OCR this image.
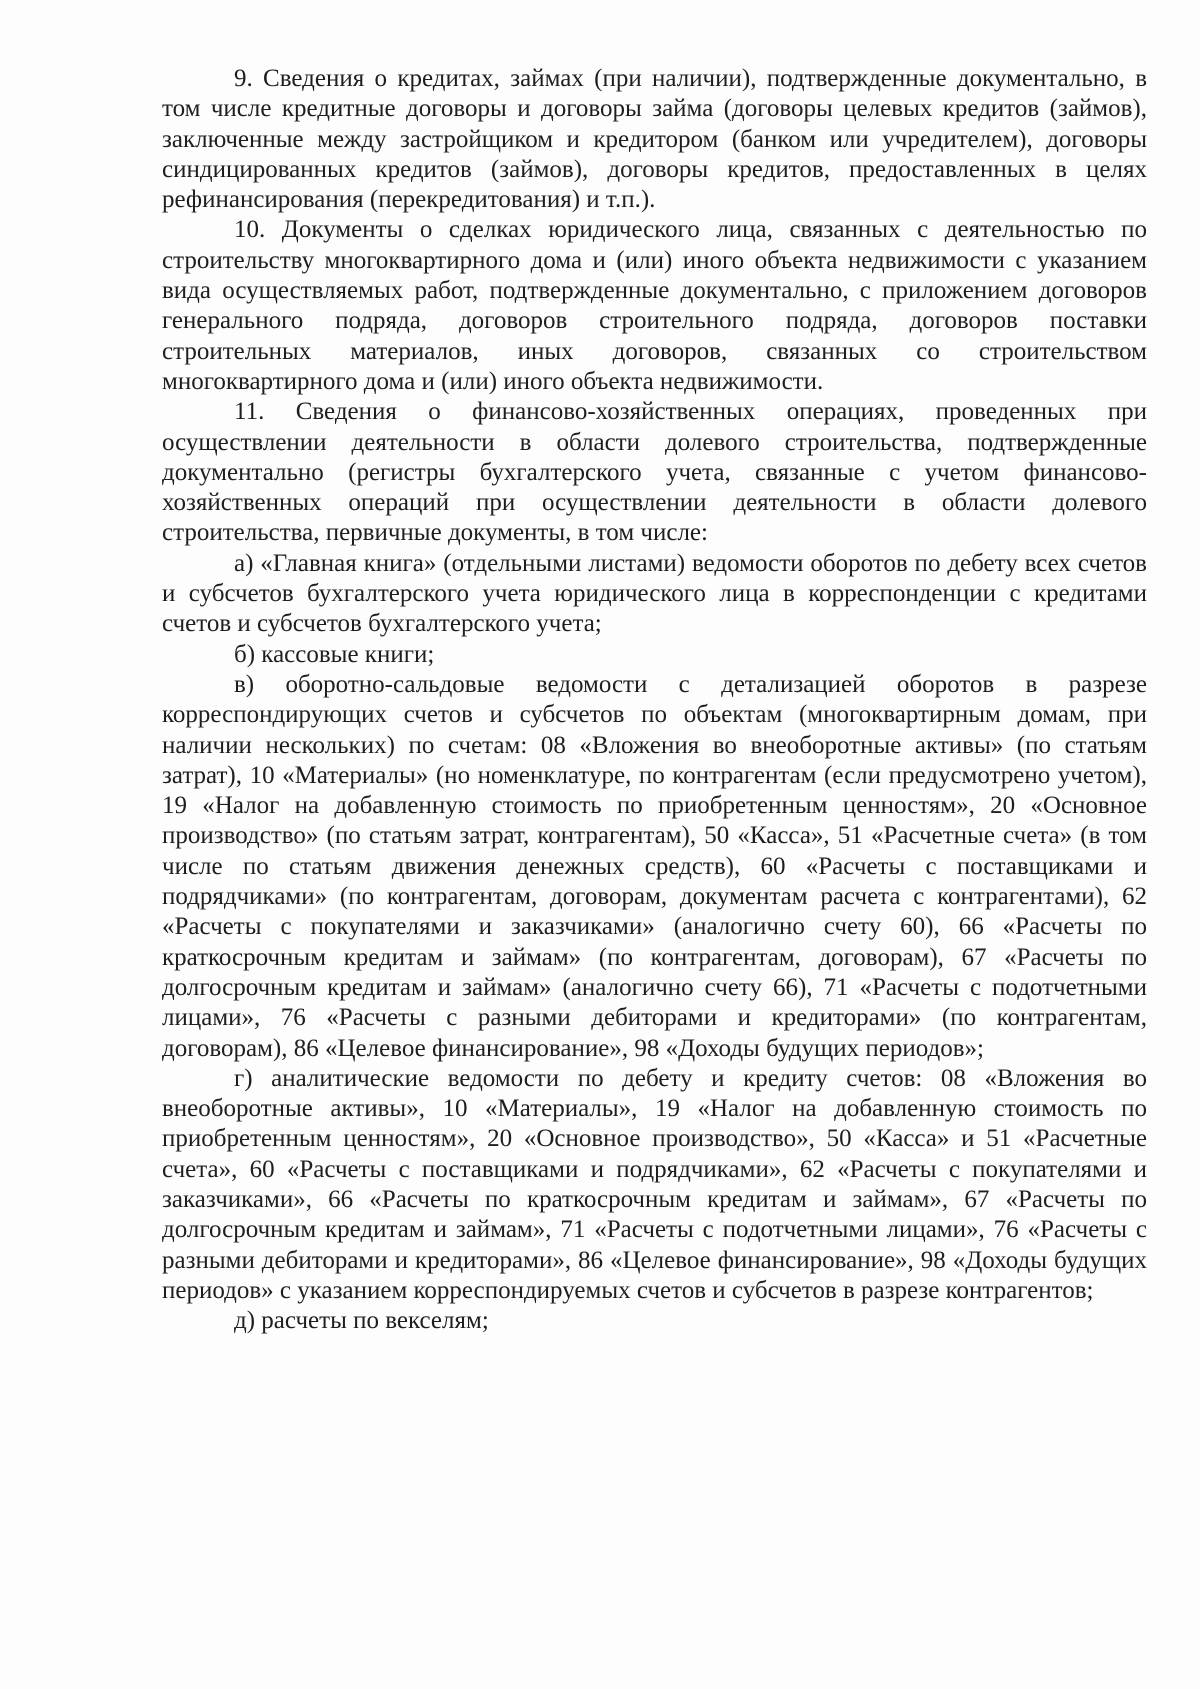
9. Сведения о кредитах, займах (при наличии), подтвержденные документально, в том числе кредитные договоры и договоры займа (договоры целевых кредитов (займов), заключенные между застройщиком и кредитором (банком или учредителем), договоры синдицированных кредитов (займов), договоры кредитов, предоставленных в целях рефинансирования (перекредитования) и т.п.).

10. Документы о сделках юридического лица, связанных с деятельностью по строительству многоквартирного дома и (или) иного объекта недвижимости с указанием вида осуществляемых работ, подтвержденные документально, с приложением договоров генерального подряда, договоров строительного подряда, договоров поставки строительных материалов, иных договоров, связанных со строительством многоквартирного дома и (или) иного объекта недвижимости.

11. Сведения о финансово-хозяйственных операциях, проведенных при осуществлении деятельности в области долевого строительства, подтвержденные документально (регистры бухгалтерского учета, связанные с учетом финансово-хозяйственных операций при осуществлении деятельности в области долевого строительства, первичные документы, в том числе:

а) «Главная книга» (отдельными листами) ведомости оборотов по дебету всех счетов и субсчетов бухгалтерского учета юридического лица в корреспонденции с кредитами счетов и субсчетов бухгалтерского учета;

б) кассовые книги;

в) оборотно-сальдовые ведомости с детализацией оборотов в разрезе корреспондирующих счетов и субсчетов по объектам (многоквартирным домам, при наличии нескольких) по счетам: 08 «Вложения во внеоборотные активы» (по статьям затрат), 10 «Материалы» (но номенклатуре, по контрагентам (если предусмотрено учетом), 19 «Налог на добавленную стоимость по приобретенным ценностям», 20 «Основное производство» (по статьям затрат, контрагентам), 50 «Касса», 51 «Расчетные счета» (в том числе по статьям движения денежных средств), 60 «Расчеты с поставщиками и подрядчиками» (по контрагентам, договорам, документам расчета с контрагентами), 62 «Расчеты с покупателями и заказчиками» (аналогично счету 60), 66 «Расчеты по краткосрочным кредитам и займам» (по контрагентам, договорам), 67 «Расчеты по долгосрочным кредитам и займам» (аналогично счету 66), 71 «Расчеты с подотчетными лицами», 76 «Расчеты с разными дебиторами и кредиторами» (по контрагентам, договорам), 86 «Целевое финансирование», 98 «Доходы будущих периодов»;

г) аналитические ведомости по дебету и кредиту счетов: 08 «Вложения во внеоборотные активы», 10 «Материалы», 19 «Налог на добавленную стоимость по приобретенным ценностям», 20 «Основное производство», 50 «Касса» и 51 «Расчетные счета», 60 «Расчеты с поставщиками и подрядчиками», 62 «Расчеты с покупателями и заказчиками», 66 «Расчеты по краткосрочным кредитам и займам», 67 «Расчеты по долгосрочным кредитам и займам», 71 «Расчеты с подотчетными лицами», 76 «Расчеты с разными дебиторами и кредиторами», 86 «Целевое финансирование», 98 «Доходы будущих периодов» с указанием корреспондируемых счетов и субсчетов в разрезе контрагентов;

д) расчеты по векселям;
